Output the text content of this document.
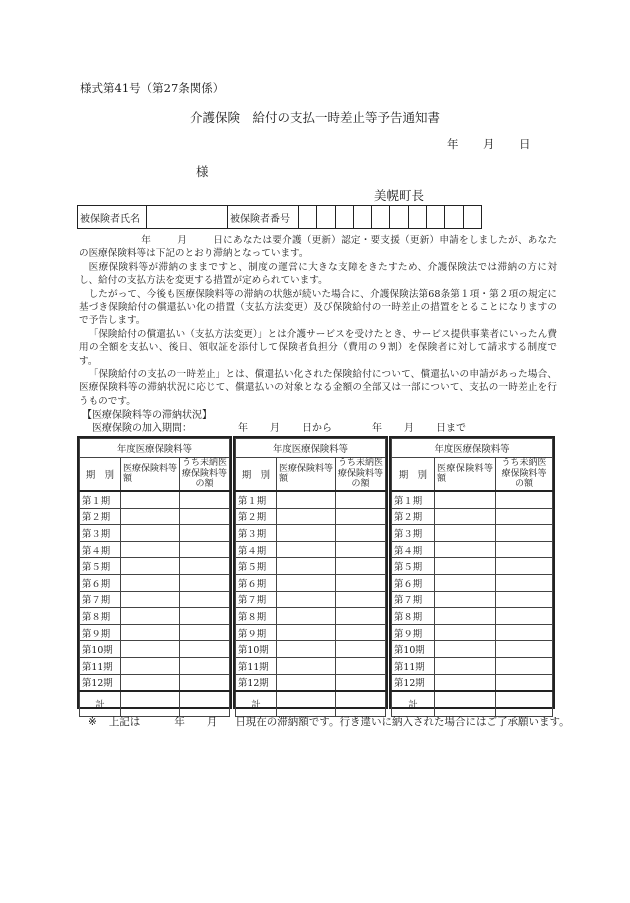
様式第41号（第27条関係）
介護保険　給付の支払一時差止等予告通知書
年 月 日
様
美幌町長
被保険者氏名		被保険者番号										

年	月	日にあなたは要介護（更新）認定・要支援（更新）申請をしましたが、あなたの医療保険料等は下記のとおり滞納となっています。

医療保険料等が滞納のままですと、制度の運営に大きな支障をきたすため、介護保険法では滞納の方に対し、給付の支払方法を変更する措置が定められています。

したがって、今後も医療保険料等の滞納の状態が続いた場合に、介護保険法第68条第１項・第２項の規定に基づき保険給付の償還払い化の措置（支払方法変更）及び保険給付の一時差止の措置をとることになりますので予告します。

「保険給付の償還払い（支払方法変更）」とは介護サービスを受けたとき、サービス提供事業者にいったん費用の全額を支払い、後日、領収証を添付して保険者負担分（費用の９割）を保険者に対して請求する制度です。

「保険給付の支払の一時差止」とは、償還払い化された保険給付について、償還払いの申請があった場合、医療保険料等の滞納状況に応じて、償還払いの対象となる金額の全部又は一部について、支払の一時差止を行うものです。

【医療保険料等の滞納状況】
医療保険の加入期間：	年 月 日から	年 月 日まで
年度医療保険料等		
期　別	医療保険料等額	うち未納医療保険料等の額
第１期		
第２期		
第３期		
第４期		
第５期		
第６期		
第７期		
第８期		
第９期		
第10期		
第11期		
第12期		
計		
年度医療保険料等		
期　別	医療保険料等額	うち未納医療保険料等の額
第１期		
第２期		
第３期		
第４期		
第５期		
第６期		
第７期		
第８期		
第９期		
第10期		
第11期		
第12期		
計		
年度医療保険料等		
期　別	医療保険料等額	うち未納医療保険料等の額
第１期		
第２期		
第３期		
第４期		
第５期		
第６期		
第７期		
第８期		
第９期		
第10期		
第11期		
第12期		
計		
※ 上記は	年 月 日現在の滞納額です。行き違いに納入された場合にはご了承願います。
